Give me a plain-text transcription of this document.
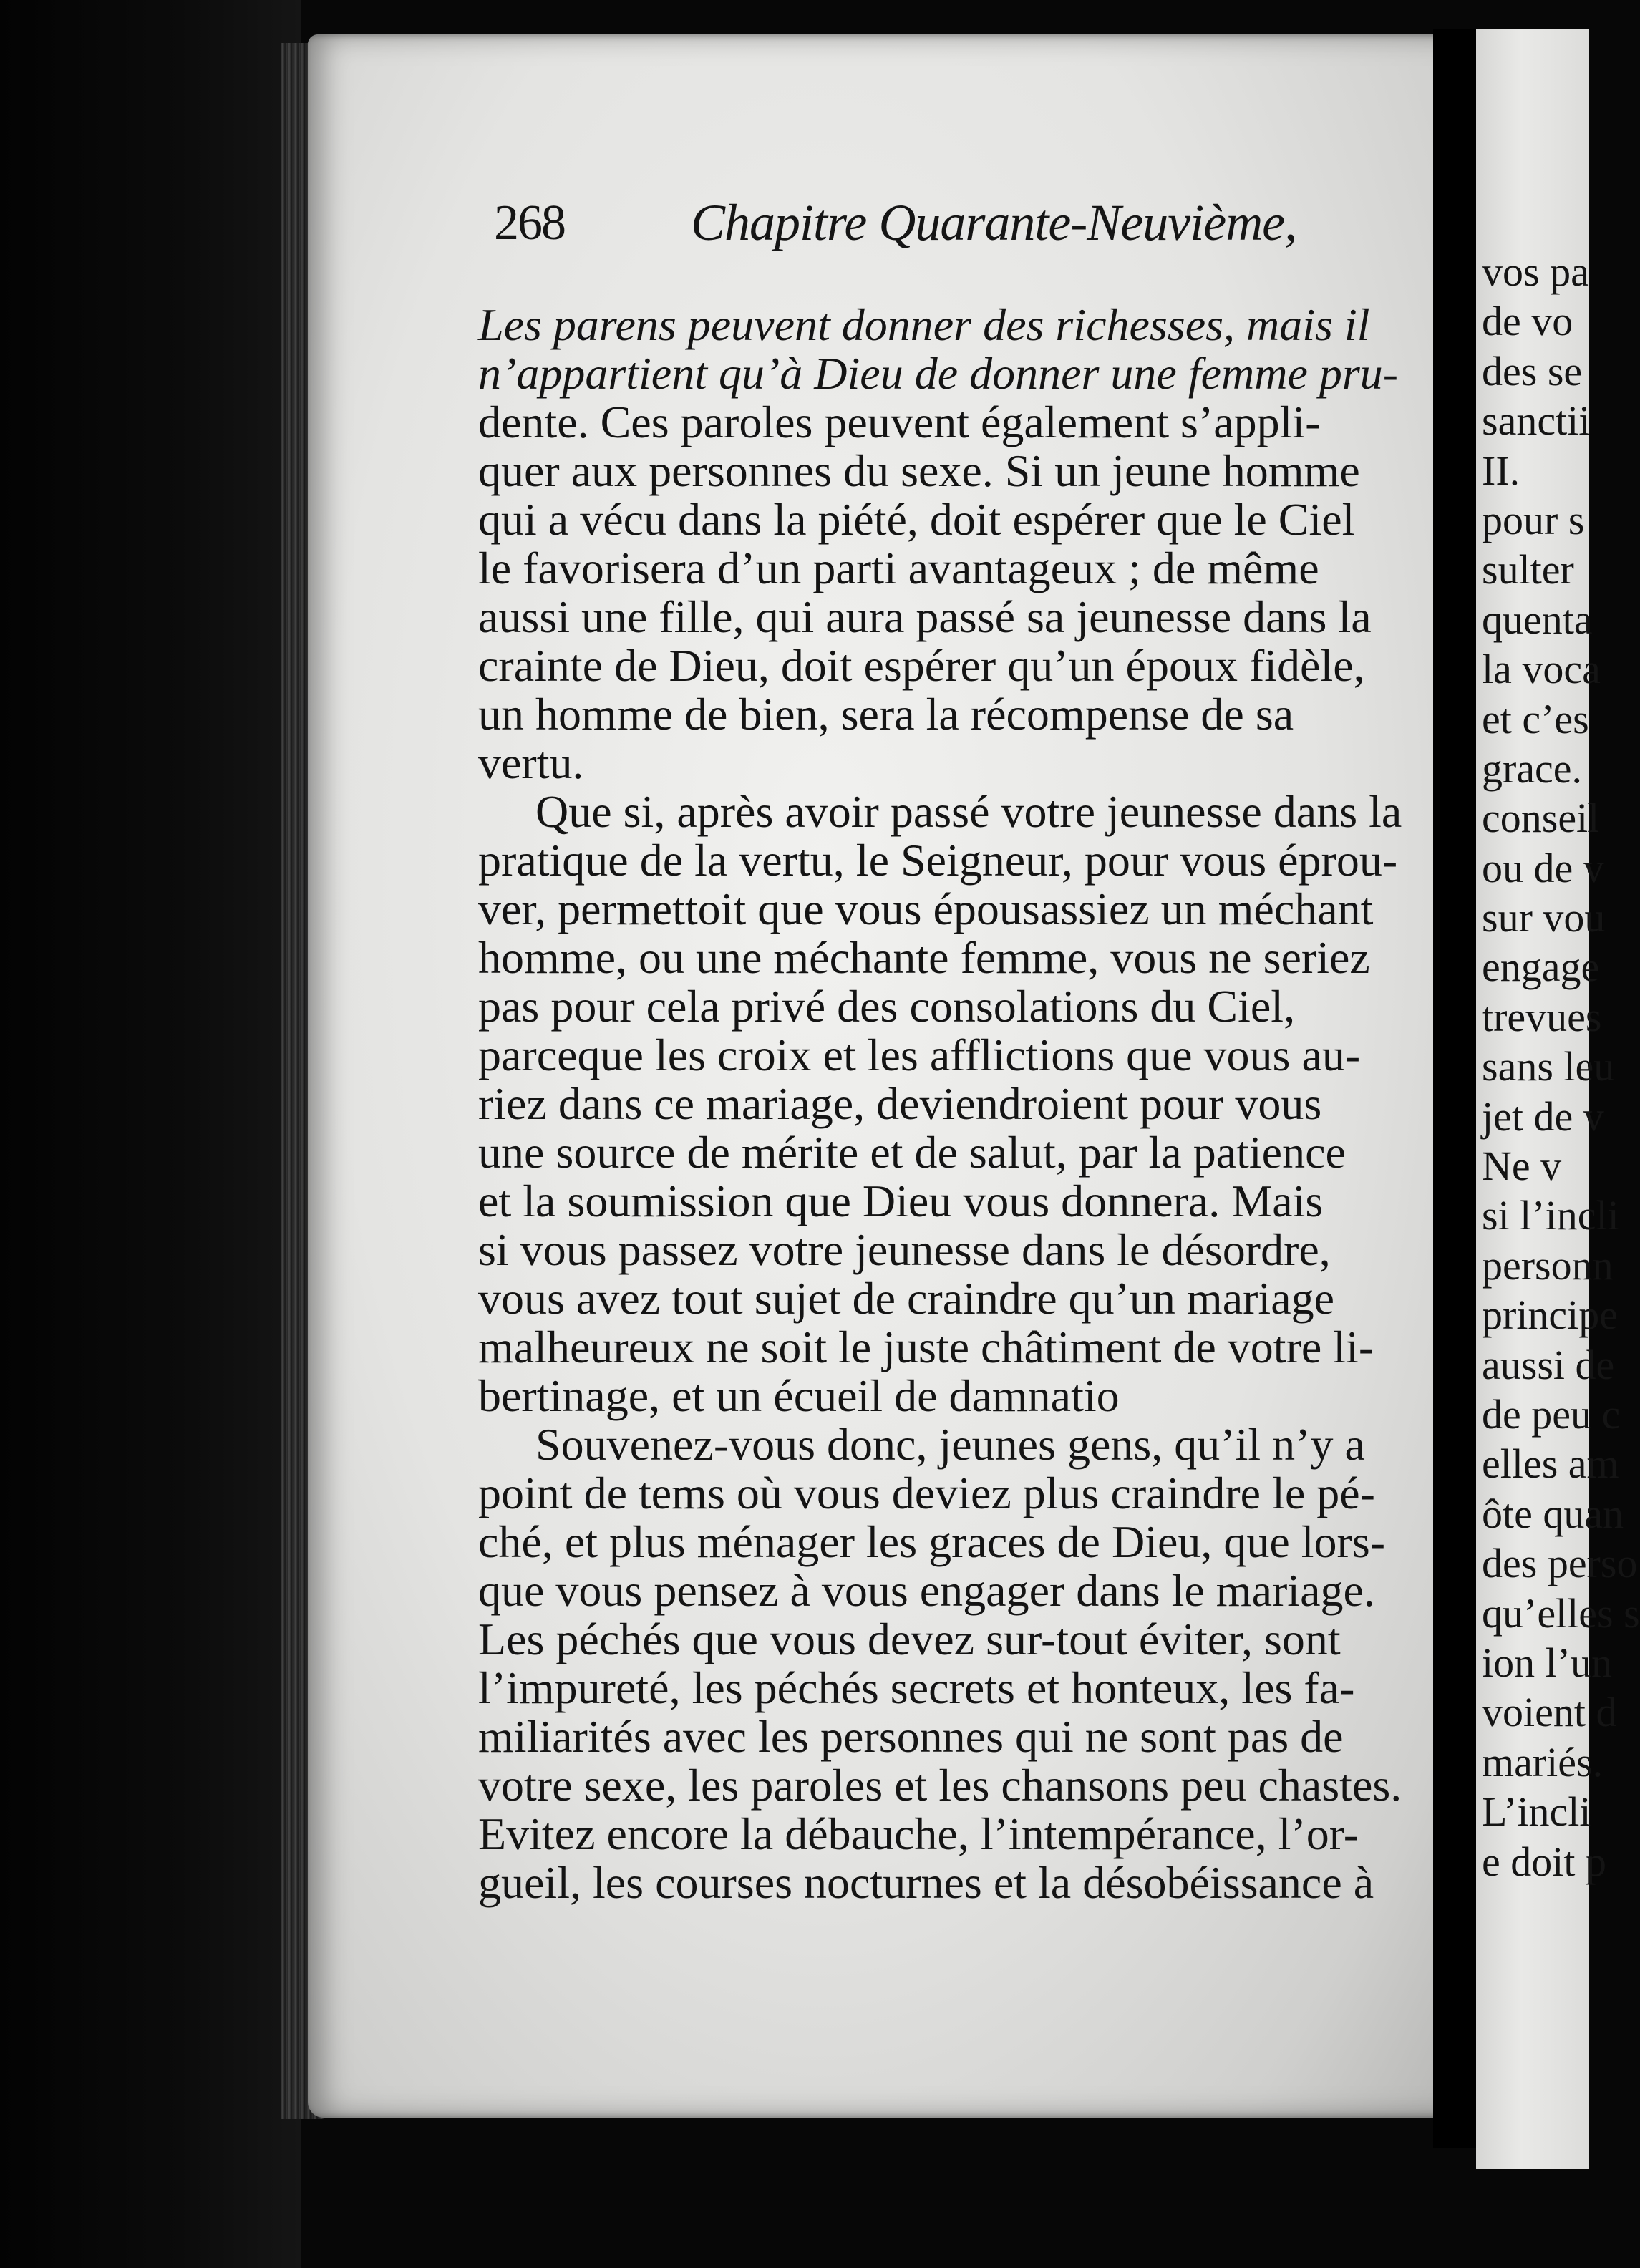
268 Chapitre Quarante-Neuvième,
Les parens peuvent donner des richesses, mais il
n’appartient qu’à Dieu de donner une femme pru-
dente. Ces paroles peuvent également s’appli-
quer aux personnes du sexe. Si un jeune homme
qui a vécu dans la piété, doit espérer que le Ciel
le favorisera d’un parti avantageux ; de même
aussi une fille, qui aura passé sa jeunesse dans la
crainte de Dieu, doit espérer qu’un époux fidèle,
un homme de bien, sera la récompense de sa
vertu.
Que si, après avoir passé votre jeunesse dans la
pratique de la vertu, le Seigneur, pour vous éprou-
ver, permettoit que vous épousassiez un méchant
homme, ou une méchante femme, vous ne seriez
pas pour cela privé des consolations du Ciel,
parceque les croix et les afflictions que vous au-
riez dans ce mariage, deviendroient pour vous
une source de mérite et de salut, par la patience
et la soumission que Dieu vous donnera. Mais
si vous passez votre jeunesse dans le désordre,
vous avez tout sujet de craindre qu’un mariage
malheureux ne soit le juste châtiment de votre li-
bertinage, et un écueil de damnatio
Souvenez-vous donc, jeunes gens, qu’il n’y a
point de tems où vous deviez plus craindre le pé-
ché, et plus ménager les graces de Dieu, que lors-
que vous pensez à vous engager dans le mariage.
Les péchés que vous devez sur-tout éviter, sont
l’impureté, les péchés secrets et honteux, les fa-
miliarités avec les personnes qui ne sont pas de
votre sexe, les paroles et les chansons peu chastes.
Evitez encore la débauche, l’intempérance, l’or-
gueil, les courses nocturnes et la désobéissance à
vos pa
de vo
des se
sanctii
II.
pour s
sulter
quenta
la voca
et c’es
grace.
conseil
ou de v
sur vou
engage
trevues
sans leu
jet de v
Ne v
si l’incli
personn
principe
aussi de
de peu c
elles am
ôte quan
des perso
qu’elles s
ion l’un
voient d
mariés.
L’incli
e doit p
